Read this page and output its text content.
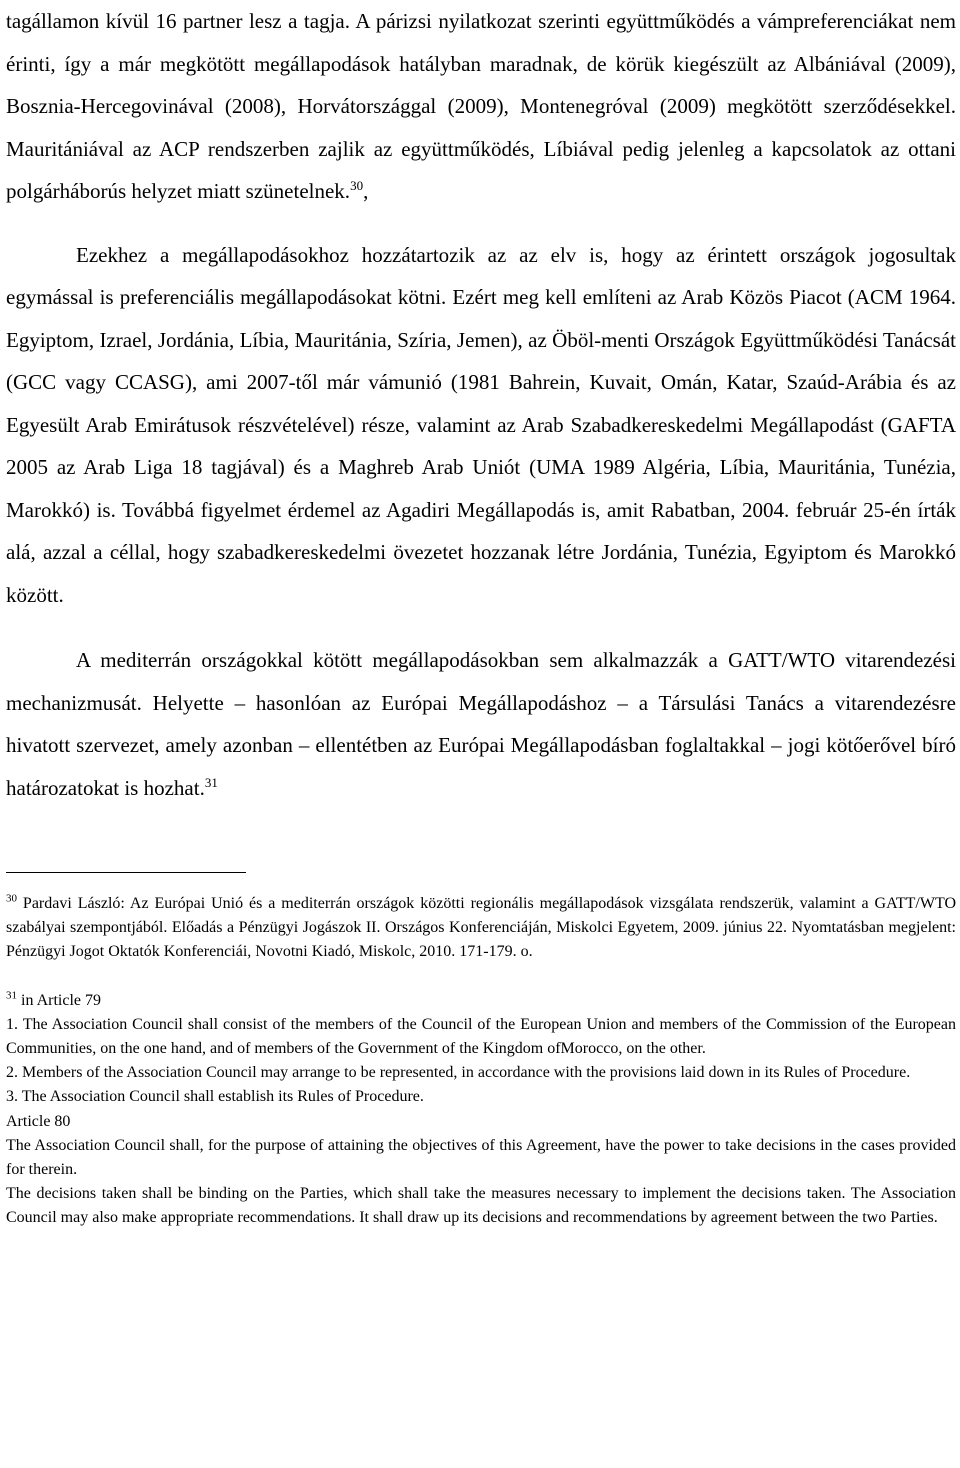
tagállamon kívül 16 partner lesz a tagja. A párizsi nyilatkozat szerinti együttműködés a vámpreferenciákat nem érinti, így a már megkötött megállapodások hatályban maradnak, de körük kiegészült az Albániával (2009), Bosznia-Hercegovinával (2008), Horvátországgal (2009), Montenegróval (2009) megkötött szerződésekkel. Mauritániával az ACP rendszerben zajlik az együttműködés, Líbiával pedig jelenleg a kapcsolatok az ottani polgárháborús helyzet miatt szünetelnek.$^{30}$,

Ezekhez a megállapodásokhoz hozzátartozik az az elv is, hogy az érintett országok jogosultak egymással is preferenciális megállapodásokat kötni. Ezért meg kell említeni az Arab Közös Piacot (ACM 1964. Egyiptom, Izrael, Jordánia, Líbia, Mauritánia, Szíria, Jemen), az Öböl-menti Országok Együttműködési Tanácsát (GCC vagy CCASG), ami 2007-től már vámunió (1981 Bahrein, Kuvait, Omán, Katar, Szaúd-Arábia és az Egyesült Arab Emirátusok részvételével) része, valamint az Arab Szabadkereskedelmi Megállapodást (GAFTA 2005 az Arab Liga 18 tagjával) és a Maghreb Arab Uniót (UMA 1989 Algéria, Líbia, Mauritánia, Tunézia, Marokkó) is. Továbbá figyelmet érdemel az Agadiri Megállapodás is, amit Rabatban, 2004. február 25-én írták alá, azzal a céllal, hogy szabadkereskedelmi övezetet hozzanak létre Jordánia, Tunézia, Egyiptom és Marokkó között.

A mediterrán országokkal kötött megállapodásokban sem alkalmazzák a GATT/WTO vitarendezési mechanizmusát. Helyette – hasonlóan az Európai Megállapodáshoz – a Társulási Tanács a vitarendezésre hivatott szervezet, amely azonban – ellentétben az Európai Megállapodásban foglaltakkal – jogi kötőerővel bíró határozatokat is hozhat.$^{31}$

$^{30}$ Pardavi László: Az Európai Unió és a mediterrán országok közötti regionális megállapodások vizsgálata rendszerük, valamint a GATT/WTO szabályai szempontjából. Előadás a Pénzügyi Jogászok II. Országos Konferenciáján, Miskolci Egyetem, 2009. június 22. Nyomtatásban megjelent: Pénzügyi Jogot Oktatók Konferenciái, Novotni Kiadó, Miskolc, 2010. 171-179. o.

$^{31}$ in Article 79

1. The Association Council shall consist of the members of the Council of the European Union and members of the Commission of the European Communities, on the one hand, and of members of the Government of the Kingdom ofMorocco, on the other.

2. Members of the Association Council may arrange to be represented, in accordance with the provisions laid down in its Rules of Procedure.

3. The Association Council shall establish its Rules of Procedure.

Article 80

The Association Council shall, for the purpose of attaining the objectives of this Agreement, have the power to take decisions in the cases provided for therein.

The decisions taken shall be binding on the Parties, which shall take the measures necessary to implement the decisions taken. The Association Council may also make appropriate recommendations. It shall draw up its decisions and recommendations by agreement between the two Parties.
